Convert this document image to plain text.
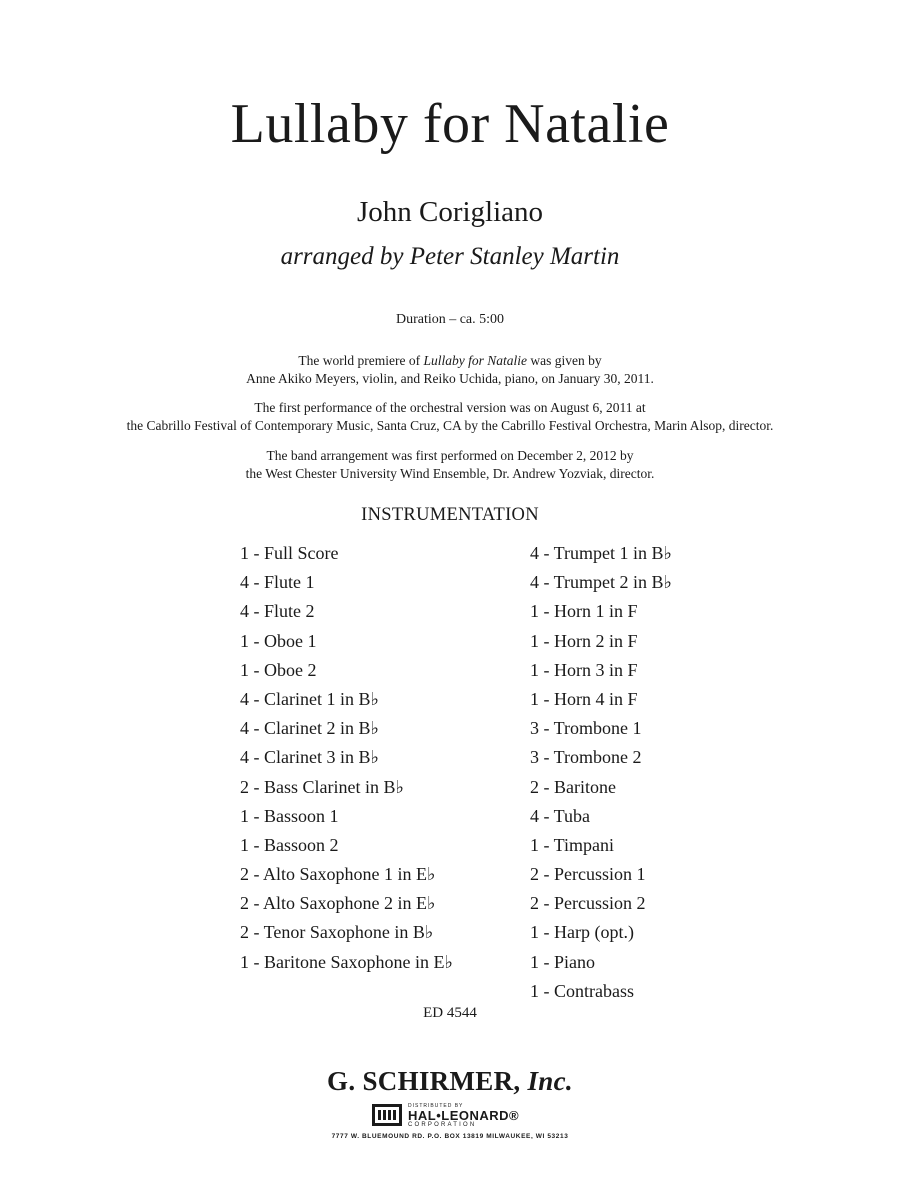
Lullaby for Natalie
John Corigliano
arranged by Peter Stanley Martin
Duration – ca. 5:00
The world premiere of Lullaby for Natalie was given by
Anne Akiko Meyers, violin, and Reiko Uchida, piano, on January 30, 2011.
The first performance of the orchestral version was on August 6, 2011 at
the Cabrillo Festival of Contemporary Music, Santa Cruz, CA by the Cabrillo Festival Orchestra, Marin Alsop, director.
The band arrangement was first performed on December 2, 2012 by
the West Chester University Wind Ensemble, Dr. Andrew Yozviak, director.
INSTRUMENTATION
1 - Full Score
4 - Flute 1
4 - Flute 2
1 - Oboe 1
1 - Oboe 2
4 - Clarinet 1 in B♭
4 - Clarinet 2 in B♭
4 - Clarinet 3 in B♭
2 - Bass Clarinet in B♭
1 - Bassoon 1
1 - Bassoon 2
2 - Alto Saxophone 1 in E♭
2 - Alto Saxophone 2 in E♭
2 - Tenor Saxophone in B♭
1 - Baritone Saxophone in E♭
4 - Trumpet 1 in B♭
4 - Trumpet 2 in B♭
1 - Horn 1 in F
1 - Horn 2 in F
1 - Horn 3 in F
1 - Horn 4 in F
3 - Trombone 1
3 - Trombone 2
2 - Baritone
4 - Tuba
1 - Timpani
2 - Percussion 1
2 - Percussion 2
1 - Harp (opt.)
1 - Piano
1 - Contrabass
ED 4544
G. SCHIRMER, Inc.
DISTRIBUTED BY
HAL•LEONARD®
CORPORATION
7777 W. BLUEMOUND RD. P.O. BOX 13819 MILWAUKEE, WI 53213
